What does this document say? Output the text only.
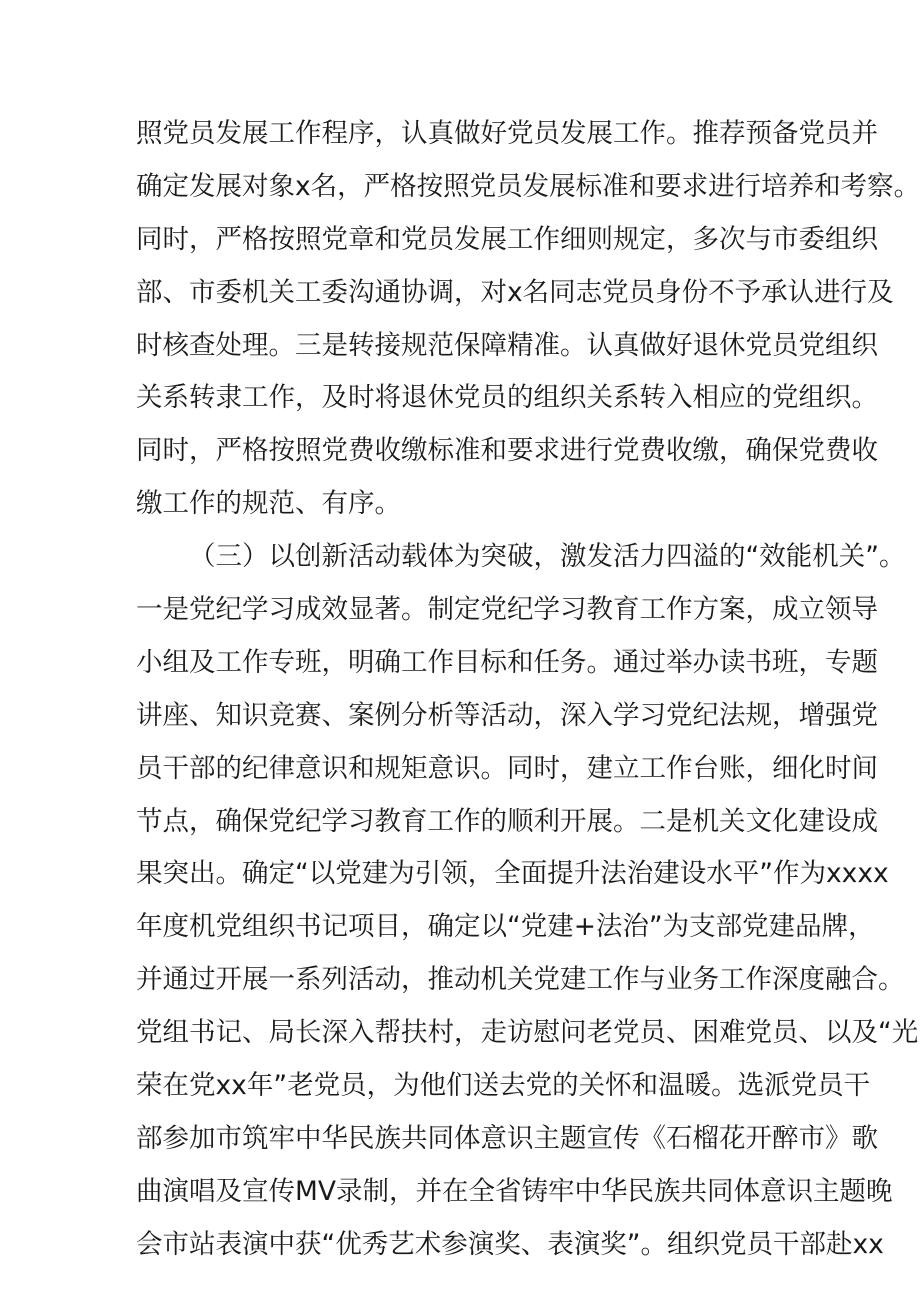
照党员发展工作程序，认真做好党员发展工作。推荐预备党员并
确定发展对象x名，严格按照党员发展标准和要求进行培养和考察。
同时，严格按照党章和党员发展工作细则规定，多次与市委组织
部、市委机关工委沟通协调，对x名同志党员身份不予承认进行及
时核查处理。三是转接规范保障精准。认真做好退休党员党组织
关系转隶工作，及时将退休党员的组织关系转入相应的党组织。
同时，严格按照党费收缴标准和要求进行党费收缴，确保党费收
缴工作的规范、有序。
（三）以创新活动载体为突破，激发活力四溢的“效能机关”。
一是党纪学习成效显著。制定党纪学习教育工作方案，成立领导
小组及工作专班，明确工作目标和任务。通过举办读书班，专题
讲座、知识竞赛、案例分析等活动，深入学习党纪法规，增强党
员干部的纪律意识和规矩意识。同时，建立工作台账，细化时间
节点，确保党纪学习教育工作的顺利开展。二是机关文化建设成
果突出。确定“以党建为引领，全面提升法治建设水平”作为xxxx
年度机党组织书记项目，确定以“党建+法治”为支部党建品牌，
并通过开展一系列活动，推动机关党建工作与业务工作深度融合。
党组书记、局长深入帮扶村，走访慰问老党员、困难党员、以及“光
荣在党xx年”老党员，为他们送去党的关怀和温暖。选派党员干
部参加市筑牢中华民族共同体意识主题宣传《石榴花开醉市》歌
曲演唱及宣传MV录制，并在全省铸牢中华民族共同体意识主题晚
会市站表演中获“优秀艺术参演奖、表演奖”。组织党员干部赴xx
